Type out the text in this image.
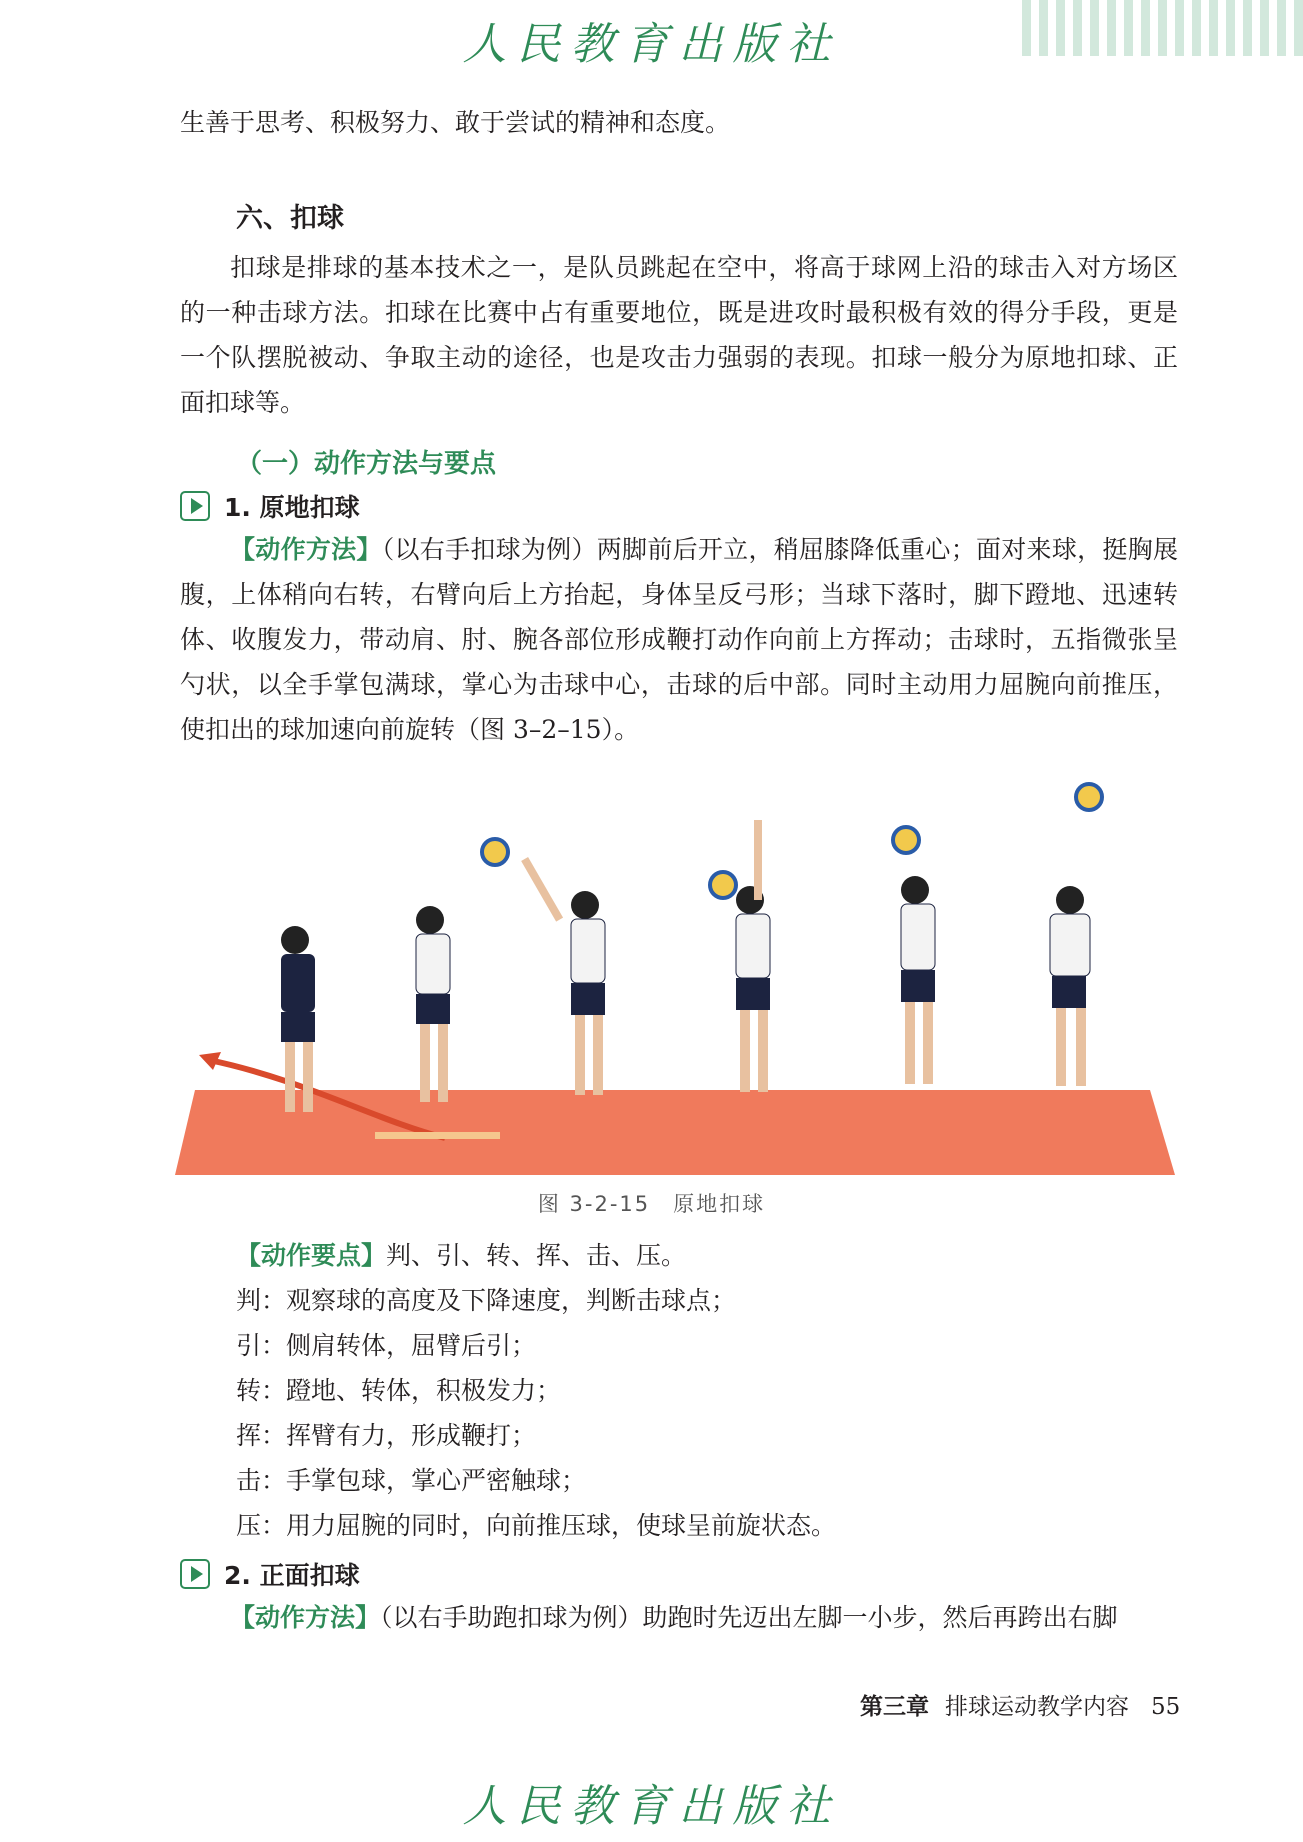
人民教育出版社
生善于思考、积极努力、敢于尝试的精神和态度。
六、扣球
扣球是排球的基本技术之一，是队员跳起在空中，将高于球网上沿的球击入对方场区的一种击球方法。扣球在比赛中占有重要地位，既是进攻时最积极有效的得分手段，更是一个队摆脱被动、争取主动的途径，也是攻击力强弱的表现。扣球一般分为原地扣球、正面扣球等。
（一）动作方法与要点
1. 原地扣球
【动作方法】（以右手扣球为例）两脚前后开立，稍屈膝降低重心；面对来球，挺胸展腹，上体稍向右转，右臂向后上方抬起，身体呈反弓形；当球下落时，脚下蹬地、迅速转体、收腹发力，带动肩、肘、腕各部位形成鞭打动作向前上方挥动；击球时，五指微张呈勺状，以全手掌包满球，掌心为击球中心，击球的后中部。同时主动用力屈腕向前推压，使扣出的球加速向前旋转（图 3–2–15）。
图 3-2-15　原地扣球
【动作要点】判、引、转、挥、击、压。
判：观察球的高度及下降速度，判断击球点；
引：侧肩转体，屈臂后引；
转：蹬地、转体，积极发力；
挥：挥臂有力，形成鞭打；
击：手掌包球，掌心严密触球；
压：用力屈腕的同时，向前推压球，使球呈前旋状态。
2. 正面扣球
【动作方法】（以右手助跑扣球为例）助跑时先迈出左脚一小步，然后再跨出右脚
第三章 排球运动教学内容 55
人民教育出版社
